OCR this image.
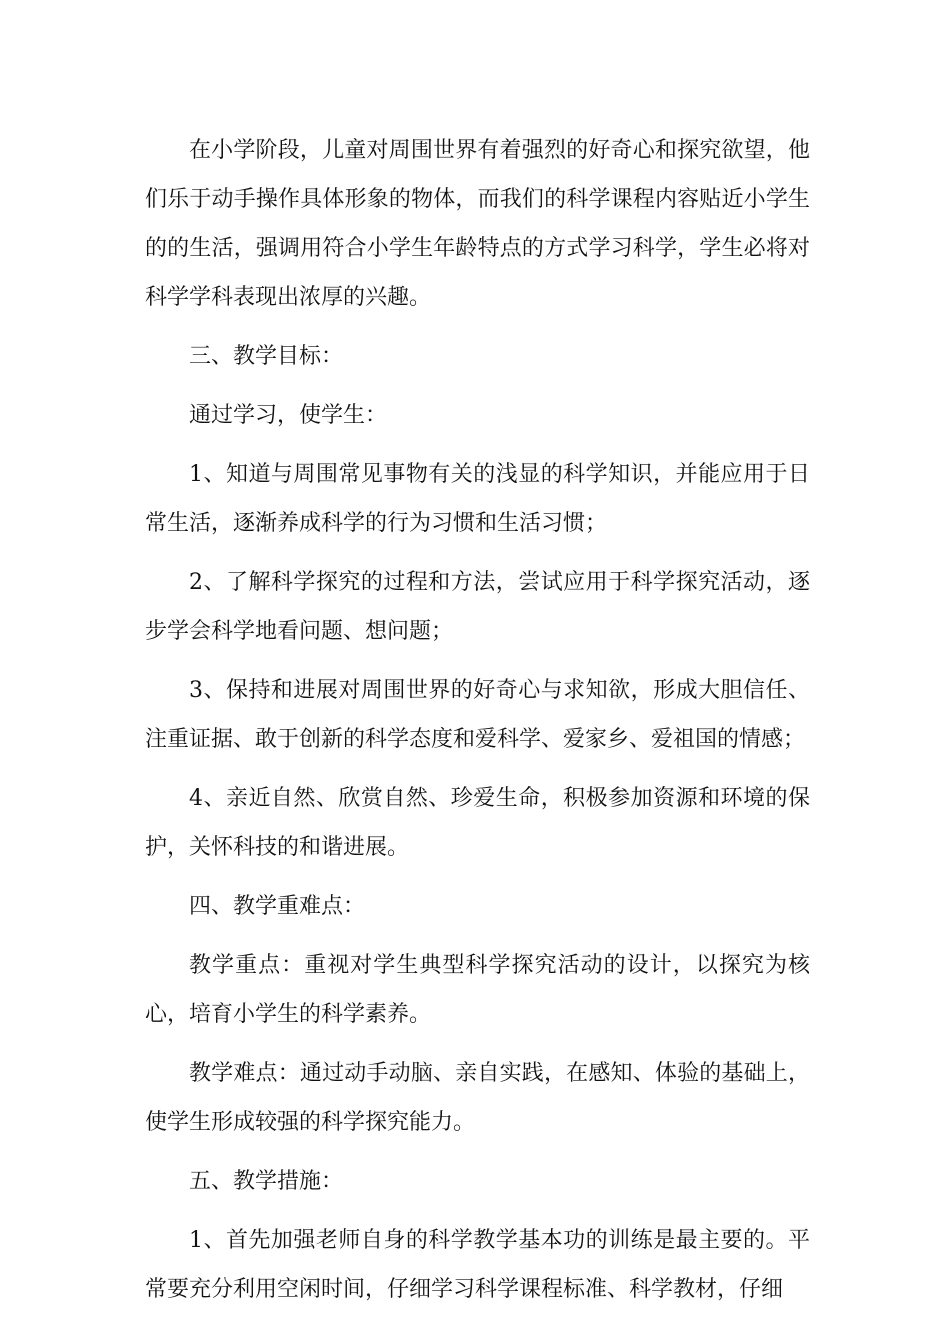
在小学阶段，儿童对周围世界有着强烈的好奇心和探究欲望，他们乐于动手操作具体形象的物体，而我们的科学课程内容贴近小学生的的生活，强调用符合小学生年龄特点的方式学习科学，学生必将对科学学科表现出浓厚的兴趣。

三、教学目标：

通过学习，使学生：

1、知道与周围常见事物有关的浅显的科学知识，并能应用于日常生活，逐渐养成科学的行为习惯和生活习惯；

2、了解科学探究的过程和方法，尝试应用于科学探究活动，逐步学会科学地看问题、想问题；

3、保持和进展对周围世界的好奇心与求知欲，形成大胆信任、注重证据、敢于创新的科学态度和爱科学、爱家乡、爱祖国的情感；

4、亲近自然、欣赏自然、珍爱生命，积极参加资源和环境的保护，关怀科技的和谐进展。

四、教学重难点：

教学重点：重视对学生典型科学探究活动的设计，以探究为核心，培育小学生的科学素养。

教学难点：通过动手动脑、亲自实践，在感知、体验的基础上，使学生形成较强的科学探究能力。

五、教学措施：

1、首先加强老师自身的科学教学基本功的训练是最主要的。平常要充分利用空闲时间，仔细学习科学课程标准、科学教材，仔细
